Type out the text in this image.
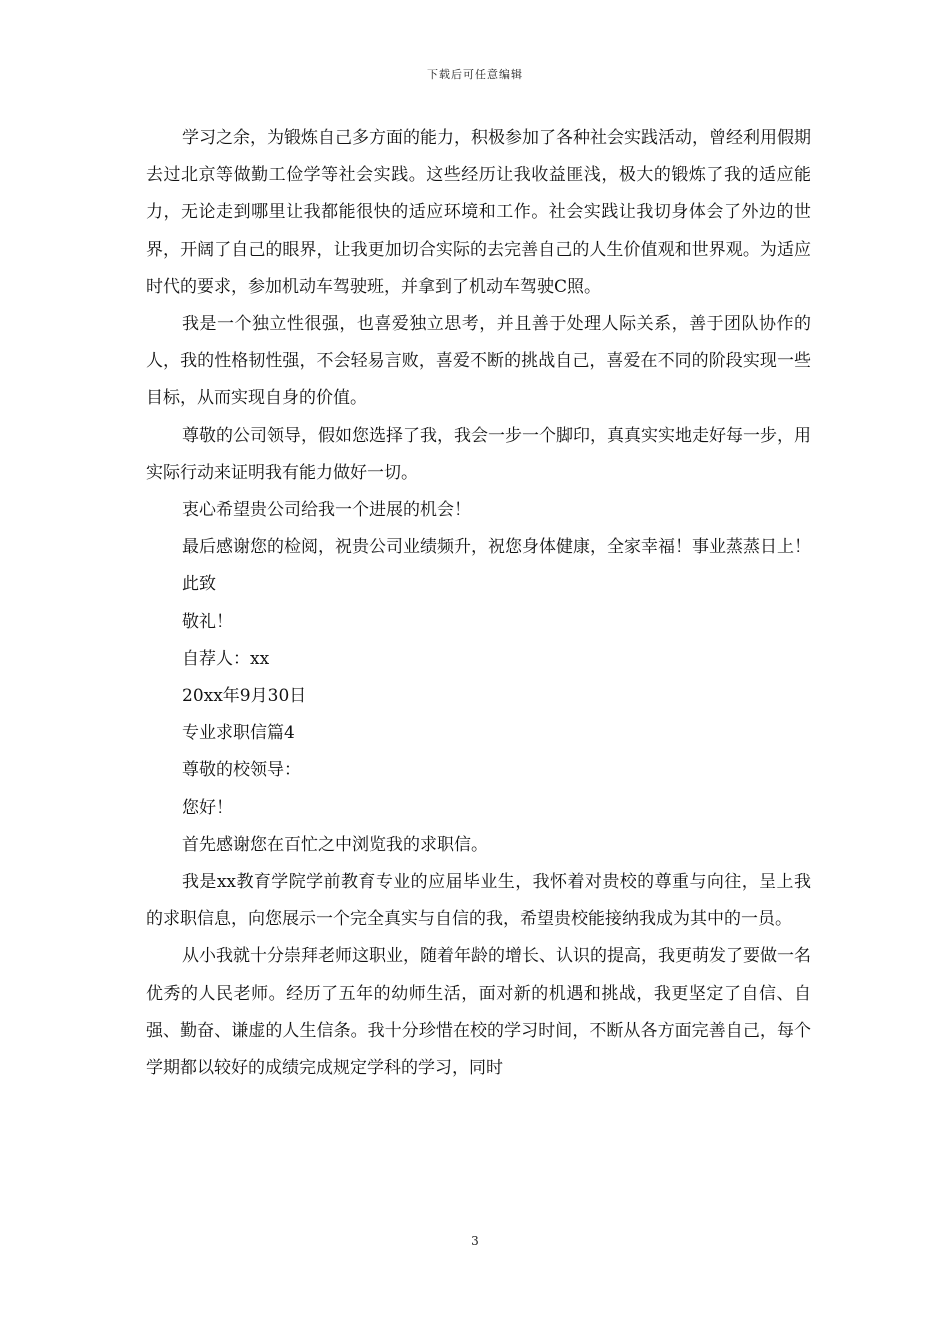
下载后可任意编辑

学习之余，为锻炼自己多方面的能力，积极参加了各种社会实践活动，曾经利用假期去过北京等做勤工俭学等社会实践。这些经历让我收益匪浅，极大的锻炼了我的适应能力，无论走到哪里让我都能很快的适应环境和工作。社会实践让我切身体会了外边的世界，开阔了自己的眼界，让我更加切合实际的去完善自己的人生价值观和世界观。为适应时代的要求，参加机动车驾驶班，并拿到了机动车驾驶C照。

我是一个独立性很强，也喜爱独立思考，并且善于处理人际关系，善于团队协作的人，我的性格韧性强，不会轻易言败，喜爱不断的挑战自己，喜爱在不同的阶段实现一些目标，从而实现自身的价值。

尊敬的公司领导，假如您选择了我，我会一步一个脚印，真真实实地走好每一步，用实际行动来证明我有能力做好一切。

衷心希望贵公司给我一个进展的机会！

最后感谢您的检阅，祝贵公司业绩频升，祝您身体健康，全家幸福！事业蒸蒸日上！

此致

敬礼！

自荐人：xx

20xx年9月30日

专业求职信篇4

尊敬的校领导：

您好！

首先感谢您在百忙之中浏览我的求职信。

我是xx教育学院学前教育专业的应届毕业生，我怀着对贵校的尊重与向往，呈上我的求职信息，向您展示一个完全真实与自信的我，希望贵校能接纳我成为其中的一员。

从小我就十分崇拜老师这职业，随着年龄的增长、认识的提高，我更萌发了要做一名优秀的人民老师。经历了五年的幼师生活，面对新的机遇和挑战，我更坚定了自信、自强、勤奋、谦虚的人生信条。我十分珍惜在校的学习时间，不断从各方面完善自己，每个学期都以较好的成绩完成规定学科的学习，同时

3
